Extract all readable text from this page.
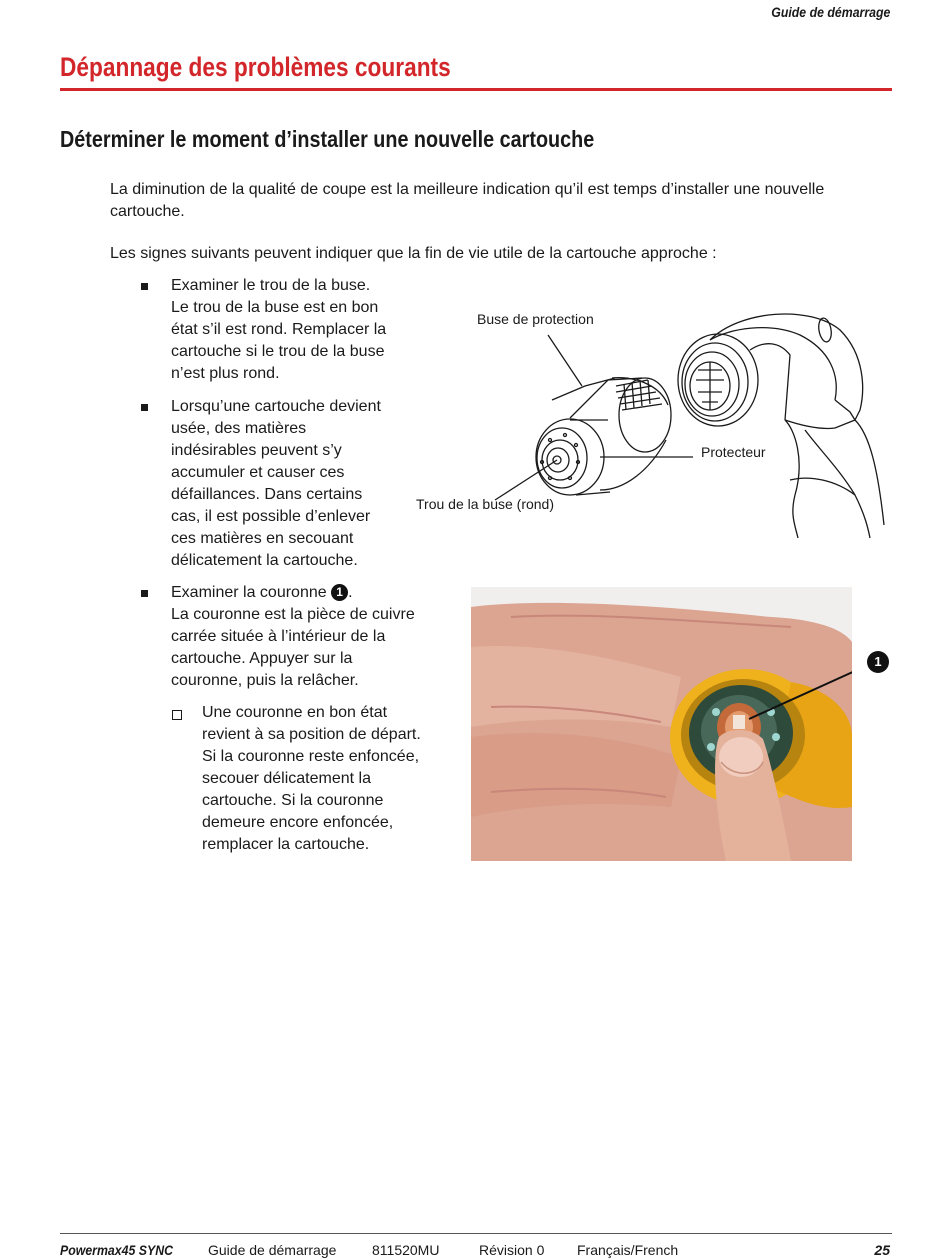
Guide de démarrage
Dépannage des problèmes courants
Déterminer le moment d’installer une nouvelle cartouche
La diminution de la qualité de coupe est la meilleure indication qu’il est temps d’installer une nouvelle cartouche.
Les signes suivants peuvent indiquer que la fin de vie utile de la cartouche approche :
Examiner le trou de la buse.
Le trou de la buse est en bon
état s’il est rond. Remplacer la
cartouche si le trou de la buse
n’est plus rond.
Lorsqu’une cartouche devient
usée, des matières
indésirables peuvent s’y
accumuler et causer ces
défaillances. Dans certains
cas, il est possible d’enlever
ces matières en secouant
délicatement la cartouche.
Examiner la couronne 1 .
La couronne est la pièce de cuivre
carrée située à l’intérieur de la
cartouche. Appuyer sur la
couronne, puis la relâcher.
Une couronne en bon état
revient à sa position de départ.
Si la couronne reste enfoncée,
secouer délicatement la
cartouche. Si la couronne
demeure encore enfoncée,
remplacer la cartouche.
Buse de protection
Protecteur
Trou de la buse (rond)
1
Powermax45 SYNC	Guide de démarrage	811520MU	Révision 0 Français/French	25
